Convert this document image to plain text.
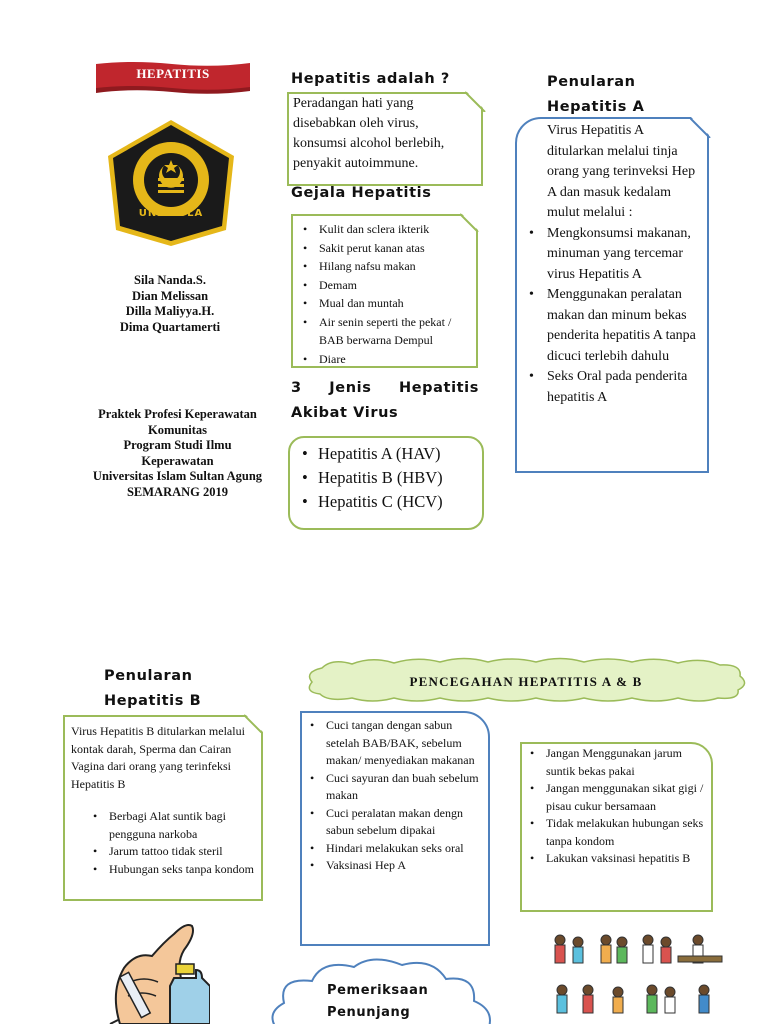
HEPATITIS
UNISSULA
Sila Nanda.S.
Dian Melissan
Dilla Maliyya.H.
Dima Quartamerti
Praktek Profesi Keperawatan
Komunitas
Program Studi Ilmu
Keperawatan
Universitas Islam Sultan Agung
SEMARANG 2019
Hepatitis adalah ?
Peradangan hati yang
disebabkan oleh virus,
konsumsi alcohol berlebih,
penyakit autoimmune.
Gejala Hepatitis
• Kulit dan sclera ikterik
• Sakit perut kanan atas
• Hilang nafsu makan
• Demam
• Mual dan muntah
• Air senin seperti the pekat / BAB berwarna Dempul
• Diare
3 Jenis Hepatitis
Akibat Virus
• Hepatitis A (HAV)
• Hepatitis B (HBV)
• Hepatitis C (HCV)
Penularan
Hepatitis A
Virus Hepatitis A ditularkan melalui tinja orang yang terinveksi Hep A dan masuk kedalam mulut melalui :
• Mengkonsumsi makanan, minuman yang tercemar virus Hepatitis A
• Menggunakan peralatan makan dan minum bekas penderita hepatitis A tanpa dicuci terlebih dahulu
• Seks Oral pada penderita hepatitis A
Penularan
Hepatitis B
Virus Hepatitis B ditularkan melalui kontak darah, Sperma dan Cairan Vagina dari orang yang terinfeksi Hepatitis B
• Berbagi Alat suntik bagi pengguna narkoba
• Jarum tattoo tidak steril
• Hubungan seks tanpa kondom
PENCEGAHAN HEPATITIS A & B
• Cuci tangan dengan sabun setelah BAB/BAK, sebelum makan/ menyediakan makanan
• Cuci sayuran dan buah sebelum makan
• Cuci peralatan makan dengn sabun sebelum dipakai
• Hindari melakukan seks oral
• Vaksinasi Hep A
• Jangan Menggunakan jarum suntik bekas pakai
• Jangan menggunakan sikat gigi / pisau cukur bersamaan
• Tidak melakukan hubungan seks tanpa kondom
• Lakukan vaksinasi hepatitis B
Pemeriksaan
Penunjang
